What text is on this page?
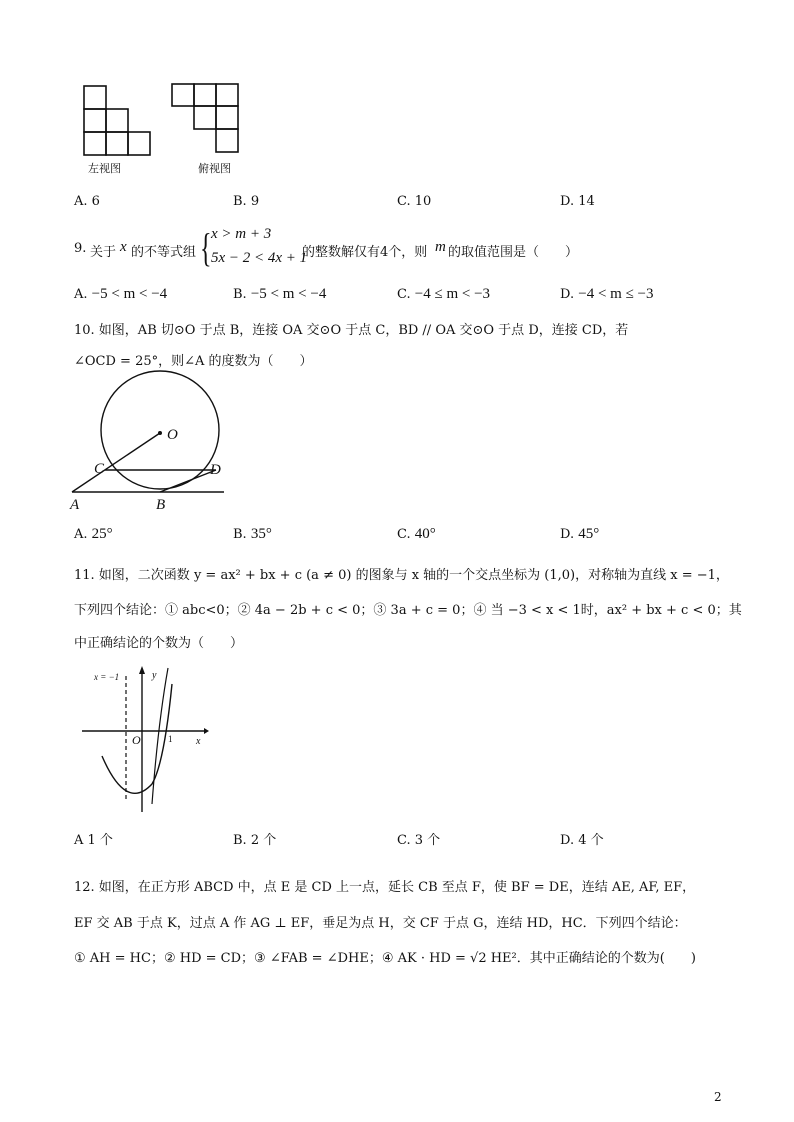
左视图	俯视图
A. 6	B. 9	C. 10	D. 14
9. 关于 x 的不等式组 { x > m + 3
5x − 2 < 4x + 1
的整数解仅有4个，则 m 的取值范围是（　　）
A. −5 < m < −4	B. −5 < m < −4	C. −4 ≤ m < −3	D. −4 < m ≤ −3
10. 如图，AB 切⊙O 于点 B，连接 OA 交⊙O 于点 C，BD // OA 交⊙O 于点 D，连接 CD，若
∠OCD = 25°，则∠A 的度数为（　　）
O
C	D
A	B
A. 25°	B. 35°	C. 40°	D. 45°
11. 如图，二次函数 y = ax² + bx + c (a ≠ 0) 的图象与 x 轴的一个交点坐标为 (1,0)，对称轴为直线 x = −1，
下列四个结论：① abc<0；② 4a − 2b + c < 0；③ 3a + c = 0；④ 当 −3 < x < 1时，ax² + bx + c < 0；其
中正确结论的个数为（　　）
x = −1	y
x
O	1
A 1 个	B. 2 个	C. 3 个	D. 4 个
12. 如图，在正方形 ABCD 中，点 E 是 CD 上一点，延长 CB 至点 F，使 BF = DE，连结 AE, AF, EF，
EF 交 AB 于点 K，过点 A 作 AG ⊥ EF，垂足为点 H，交 CF 于点 G，连结 HD，HC．下列四个结论：
① AH = HC；② HD = CD；③ ∠FAB = ∠DHE；④ AK · HD = √2 HE²．其中正确结论的个数为(　　)
2
